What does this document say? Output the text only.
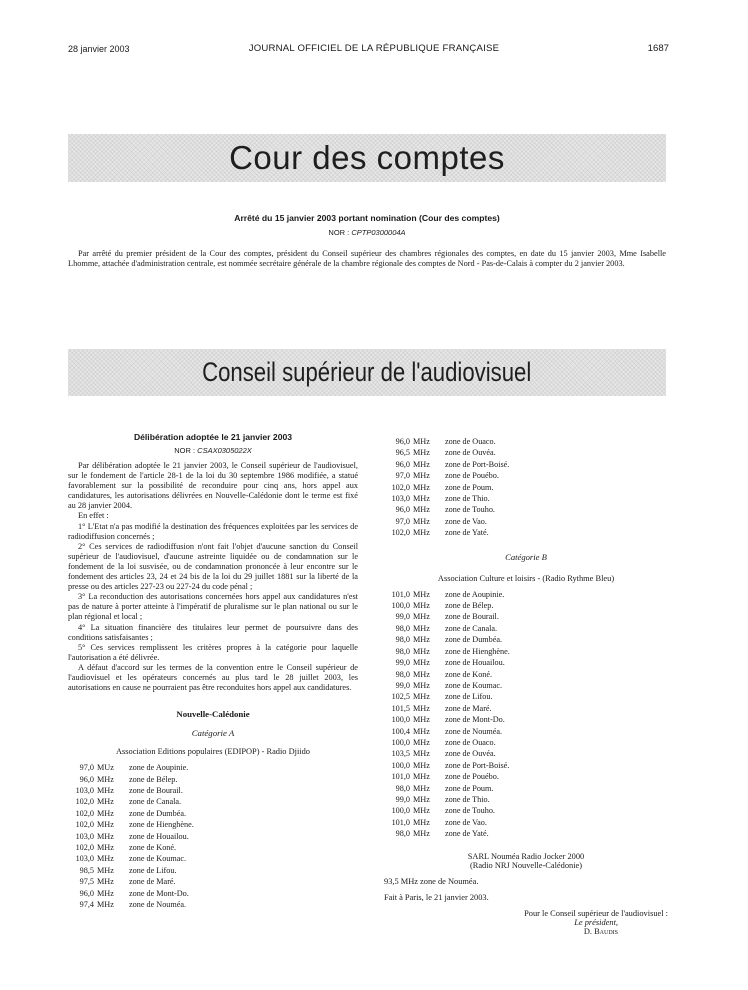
28 janvier 2003	JOURNAL OFFICIEL DE LA RÉPUBLIQUE FRANÇAISE	1687
Cour des comptes
Arrêté du 15 janvier 2003 portant nomination (Cour des comptes)
NOR : CPTP0300004A

Par arrêté du premier président de la Cour des comptes, président du Conseil supérieur des chambres régionales des comptes, en date du 15 janvier 2003, Mme Isabelle Lhomme, attachée d'administration centrale, est nommée secrétaire générale de la chambre régionale des comptes de Nord - Pas-de-Calais à compter du 2 janvier 2003.

Conseil supérieur de l'audiovisuel
Délibération adoptée le 21 janvier 2003
NOR : CSAX0305022X

Par délibération adoptée le 21 janvier 2003, le Conseil supérieur de l'audiovisuel, sur le fondement de l'article 28-1 de la loi du 30 septembre 1986 modifiée, a statué favorablement sur la possibilité de reconduire pour cinq ans, hors appel aux candidatures, les autorisations délivrées en Nouvelle-Calédonie dont le terme est fixé au 28 janvier 2004.

En effet :

1° L'Etat n'a pas modifié la destination des fréquences exploitées par les services de radiodiffusion concernés ;

2° Ces services de radiodiffusion n'ont fait l'objet d'aucune sanction du Conseil supérieur de l'audiovisuel, d'aucune astreinte liquidée ou de condamnation sur le fondement de la loi susvisée, ou de condamnation prononcée à leur encontre sur le fondement des articles 23, 24 et 24 bis de la loi du 29 juillet 1881 sur la liberté de la presse ou des articles 227-23 ou 227-24 du code pénal ;

3° La reconduction des autorisations concernées hors appel aux candidatures n'est pas de nature à porter atteinte à l'impératif de pluralisme sur le plan national ou sur le plan régional et local ;

4° La situation financière des titulaires leur permet de poursuivre dans des conditions satisfaisantes ;

5° Ces services remplissent les critères propres à la catégorie pour laquelle l'autorisation a été délivrée.

A défaut d'accord sur les termes de la convention entre le Conseil supérieur de l'audiovisuel et les opérateurs concernés au plus tard le 28 juillet 2003, les autorisations en cause ne pourraient pas être reconduites hors appel aux candidatures.

Nouvelle-Calédonie
Catégorie A
Association Editions populaires (EDIPOP) - Radio Djiido
97,0 MUz zone de Aoupinie.
96,0 MHz zone de Bélep.
103,0 MHz zone de Bourail.
102,0 MHz zone de Canala.
102,0 MHz zone de Dumbéa.
102,0 MHz zone de Hienghène.
103,0 MHz zone de Houailou.
102,0 MHz zone de Koné.
103,0 MHz zone de Koumac.
98,5 MHz zone de Lifou.
97,5 MHz zone de Maré.
96,0 MHz zone de Mont-Do.
97,4 MHz zone de Nouméa.
96,0 MHz zone de Ouaco.
96,5 MHz zone de Ouvéa.
96,0 MHz zone de Port-Boisé.
97,0 MHz zone de Pouébo.
102,0 MHz zone de Poum.
103,0 MHz zone de Thio.
96,0 MHz zone de Touho.
97,0 MHz zone de Vao.
102,0 MHz zone de Yaté.
Catégorie B
Association Culture et loisirs - (Radio Rythme Bleu)
101,0 MHz zone de Aoupinie.
100,0 MHz zone de Bélep.
99,0 MHz zone de Bourail.
98,0 MHz zone de Canala.
98,0 MHz zone de Dumbéa.
98,0 MHz zone de Hienghène.
99,0 MHz zone de Houailou.
98,0 MHz zone de Koné.
99,0 MHz zone de Koumac.
102,5 MHz zone de Lifou.
101,5 MHz zone de Maré.
100,0 MHz zone de Mont-Do.
100,4 MHz zone de Nouméa.
100,0 MHz zone de Ouaco.
103,5 MHz zone de Ouvéa.
100,0 MHz zone de Port-Boisé.
101,0 MHz zone de Pouébo.
98,0 MHz zone de Poum.
99,0 MHz zone de Thio.
100,0 MHz zone de Touho.
101,0 MHz zone de Vao.
98,0 MHz zone de Yaté.
SARL Nouméa Radio Jocker 2000
(Radio NRJ Nouvelle-Calédonie)
93,5 MHz zone de Nouméa.
Fait à Paris, le 21 janvier 2003.
Pour le Conseil supérieur de l'audiovisuel :
Le président,
D. Baudis
